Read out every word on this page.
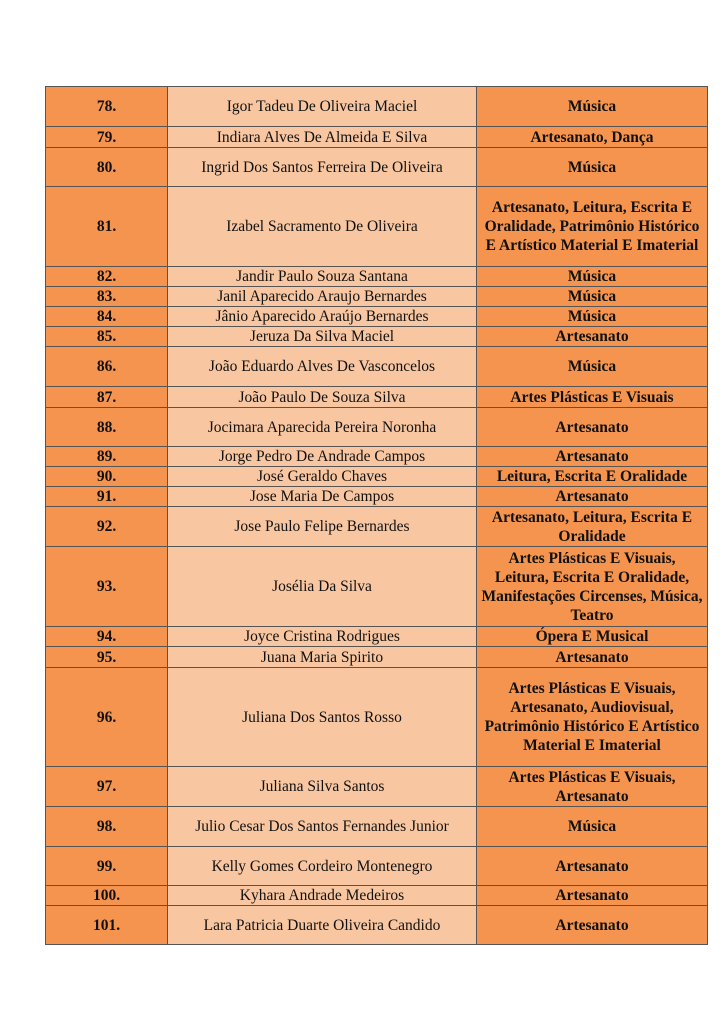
78.	Igor Tadeu De Oliveira Maciel	Música
79.	Indiara Alves De Almeida E Silva	Artesanato, Dança
80.	Ingrid Dos Santos Ferreira De Oliveira	Música
81.	Izabel Sacramento De Oliveira	Artesanato, Leitura, Escrita E Oralidade, Patrimônio Histórico E Artístico Material E Imaterial
82.	Jandir Paulo Souza Santana	Música
83.	Janil Aparecido Araujo Bernardes	Música
84.	Jânio Aparecido Araújo Bernardes	Música
85.	Jeruza Da Silva Maciel	Artesanato
86.	João Eduardo Alves De Vasconcelos	Música
87.	João Paulo De Souza Silva	Artes Plásticas E Visuais
88.	Jocimara Aparecida Pereira Noronha	Artesanato
89.	Jorge Pedro De Andrade Campos	Artesanato
90.	José Geraldo Chaves	Leitura, Escrita E Oralidade
91.	Jose Maria De Campos	Artesanato
92.	Jose Paulo Felipe Bernardes	Artesanato, Leitura, Escrita E Oralidade
93.	Josélia Da Silva	Artes Plásticas E Visuais, Leitura, Escrita E Oralidade, Manifestações Circenses, Música, Teatro
94.	Joyce Cristina Rodrigues	Ópera E Musical
95.	Juana Maria Spirito	Artesanato
96.	Juliana Dos Santos Rosso	Artes Plásticas E Visuais, Artesanato, Audiovisual, Patrimônio Histórico E Artístico Material E Imaterial
97.	Juliana Silva Santos	Artes Plásticas E Visuais, Artesanato
98.	Julio Cesar Dos Santos Fernandes Junior	Música
99.	Kelly Gomes Cordeiro Montenegro	Artesanato
100.	Kyhara Andrade Medeiros	Artesanato
101.	Lara Patricia Duarte Oliveira Candido	Artesanato
